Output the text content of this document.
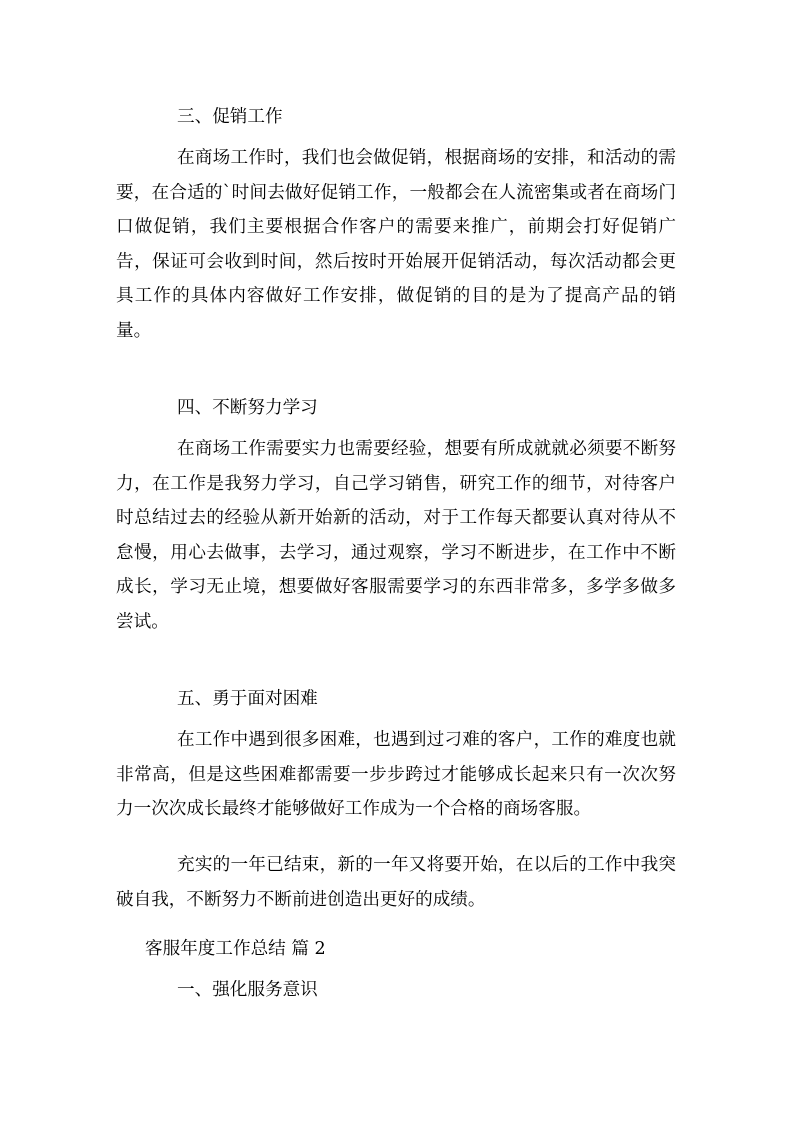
三、促销工作

在商场工作时，我们也会做促销，根据商场的安排，和活动的需要，在合适的`时间去做好促销工作，一般都会在人流密集或者在商场门口做促销，我们主要根据合作客户的需要来推广，前期会打好促销广告，保证可会收到时间，然后按时开始展开促销活动，每次活动都会更具工作的具体内容做好工作安排，做促销的目的是为了提高产品的销量。

四、不断努力学习

在商场工作需要实力也需要经验，想要有所成就就必须要不断努力，在工作是我努力学习，自己学习销售，研究工作的细节，对待客户时总结过去的经验从新开始新的活动，对于工作每天都要认真对待从不怠慢，用心去做事，去学习，通过观察，学习不断进步，在工作中不断成长，学习无止境，想要做好客服需要学习的东西非常多，多学多做多尝试。

五、勇于面对困难

在工作中遇到很多困难，也遇到过刁难的客户，工作的难度也就非常高，但是这些困难都需要一步步跨过才能够成长起来只有一次次努力一次次成长最终才能够做好工作成为一个合格的商场客服。

充实的一年已结束，新的一年又将要开始，在以后的工作中我突破自我，不断努力不断前进创造出更好的成绩。

客服年度工作总结 篇 2

一、强化服务意识
